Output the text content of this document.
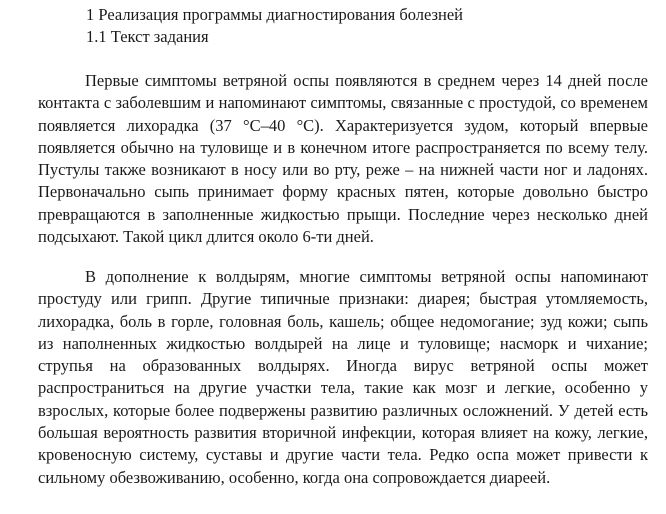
1 Реализация программы диагностирования болезней
1.1 Текст задания

Первые симптомы ветряной оспы появляются в среднем через 14 дней после контакта с заболевшим и напоминают симптомы, связанные с простудой, со временем появляется лихорадка (37 °С–40 °С). Характеризуется зудом, который впервые появляется обычно на туловище и в конечном итоге распространяется по всему телу. Пустулы также возникают в носу или во рту, реже – на нижней части ног и ладонях. Первоначально сыпь принимает форму красных пятен, которые довольно быстро превращаются в заполненные жидкостью прыщи. Последние через несколько дней подсыхают. Такой цикл длится около 6-ти дней.

В дополнение к волдырям, многие симптомы ветряной оспы напоминают простуду или грипп. Другие типичные признаки: диарея; быстрая утомляемость, лихорадка, боль в горле, головная боль, кашель; общее недомогание; зуд кожи; сыпь из наполненных жидкостью волдырей на лице и туловище; насморк и чихание; струпья на образованных волдырях. Иногда вирус ветряной оспы может распространиться на другие участки тела, такие как мозг и легкие, особенно у взрослых, которые более подвержены развитию различных осложнений. У детей есть большая вероятность развития вторичной инфекции, которая влияет на кожу, легкие, кровеносную систему, суставы и другие части тела. Редко оспа может привести к сильному обезвоживанию, особенно, когда она сопровождается диареей.
